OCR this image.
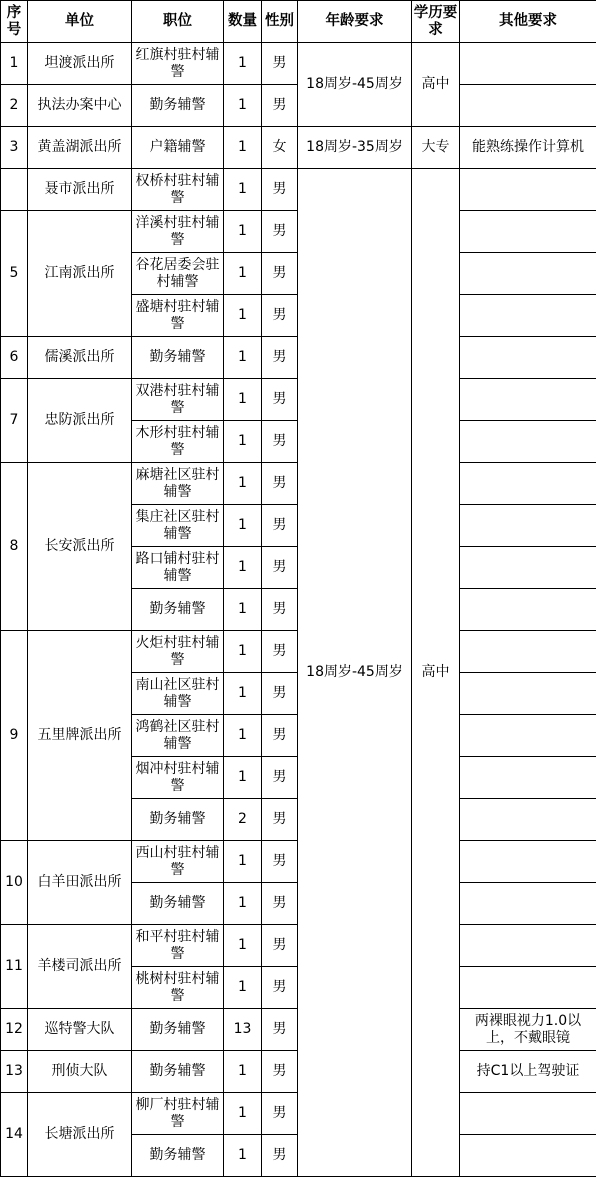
序号	单位	职位	数量	性别	年龄要求	学历要求	其他要求
1	坦渡派出所	红旗村驻村辅警	1	男	18周岁-45周岁	高中	
2	执法办案中心	勤务辅警	1	男			
3	黄盖湖派出所	户籍辅警	1	女	18周岁-35周岁	大专	能熟练操作计算机
	聂市派出所	权桥村驻村辅警	1	男	18周岁-45周岁	高中	
5	江南派出所	洋溪村驻村辅警	1	男			
		谷花居委会驻村辅警	1	男			
		盛塘村驻村辅警	1	男			
6	儒溪派出所	勤务辅警	1	男			
7	忠防派出所	双港村驻村辅警	1	男			
		木形村驻村辅警	1	男			
8	长安派出所	麻塘社区驻村辅警	1	男			
		集庄社区驻村辅警	1	男			
		路口铺村驻村辅警	1	男			
		勤务辅警	1	男			
9	五里牌派出所	火炬村驻村辅警	1	男			
		南山社区驻村辅警	1	男			
		鸿鹤社区驻村辅警	1	男			
		烟冲村驻村辅警	1	男			
		勤务辅警	2	男			
10	白羊田派出所	西山村驻村辅警	1	男			
		勤务辅警	1	男			
11	羊楼司派出所	和平村驻村辅警	1	男			
		桃树村驻村辅警	1	男			
12	巡特警大队	勤务辅警	13	男			两裸眼视力1.0以上，不戴眼镜
13	刑侦大队	勤务辅警	1	男			持C1以上驾驶证
14	长塘派出所	柳厂村驻村辅警	1	男			
		勤务辅警	1	男			
